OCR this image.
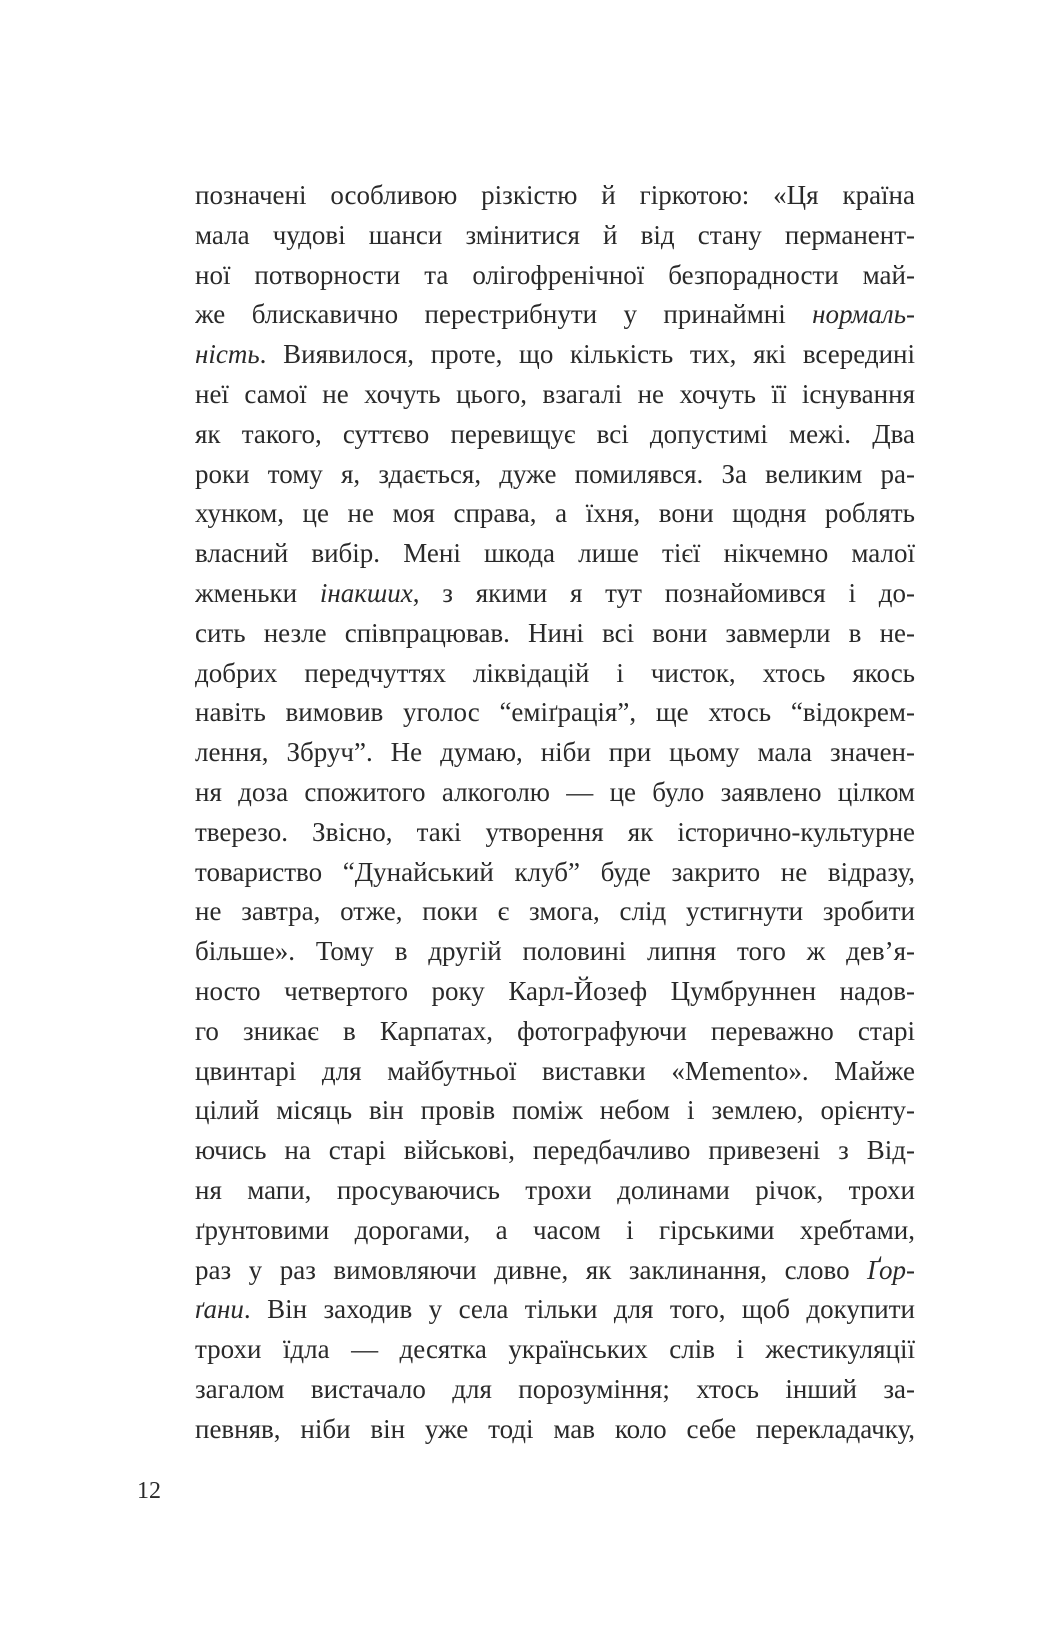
позначені особливою різкістю й гіркотою: «Ця країна
мала чудові шанси змінитися й від стану перманент-
ної потворности та олігофренічної безпорадности май-
же блискавично перестрибнути у принаймні нормаль-
ність. Виявилося, проте, що кількість тих, які всередині
неї самої не хочуть цього, взагалі не хочуть її існування
як такого, суттєво перевищує всі допустимі межі. Два
роки тому я, здається, дуже помилявся. За великим ра-
хунком, це не моя справа, а їхня, вони щодня роблять
власний вибір. Мені шкода лише тієї нікчемно малої
жменьки інакших, з якими я тут познайомився і до-
сить незле співпрацював. Нині всі вони завмерли в не-
добрих передчуттях ліквідацій і чисток, хтось якось
навіть вимовив уголос “еміґрація”, ще хтось “відокрем-
лення, Збруч”. Не думаю, ніби при цьому мала значен-
ня доза спожитого алкоголю — це було заявлено цілком
тверезо. Звісно, такі утворення як історично-культурне
товариство “Дунайський клуб” буде закрито не відразу,
не завтра, отже, поки є змога, слід устигнути зробити
більше». Тому в другій половині липня того ж дев’я-
носто четвертого року Карл-Йозеф Цумбруннен надов-
го зникає в Карпатах, фотографуючи переважно старі
цвинтарі для майбутньої виставки «Memento». Майже
цілий місяць він провів поміж небом і землею, орієнту-
ючись на старі військові, передбачливо привезені з Від-
ня мапи, просуваючись трохи долинами річок, трохи
ґрунтовими дорогами, а часом і гірськими хребтами,
раз у раз вимовляючи дивне, як заклинання, слово Ґор-
ґани. Він заходив у села тільки для того, щоб докупити
трохи їдла — десятка українських слів і жестикуляції
загалом вистачало для порозуміння; хтось інший за-
певняв, ніби він уже тоді мав коло себе перекладачку,
12
